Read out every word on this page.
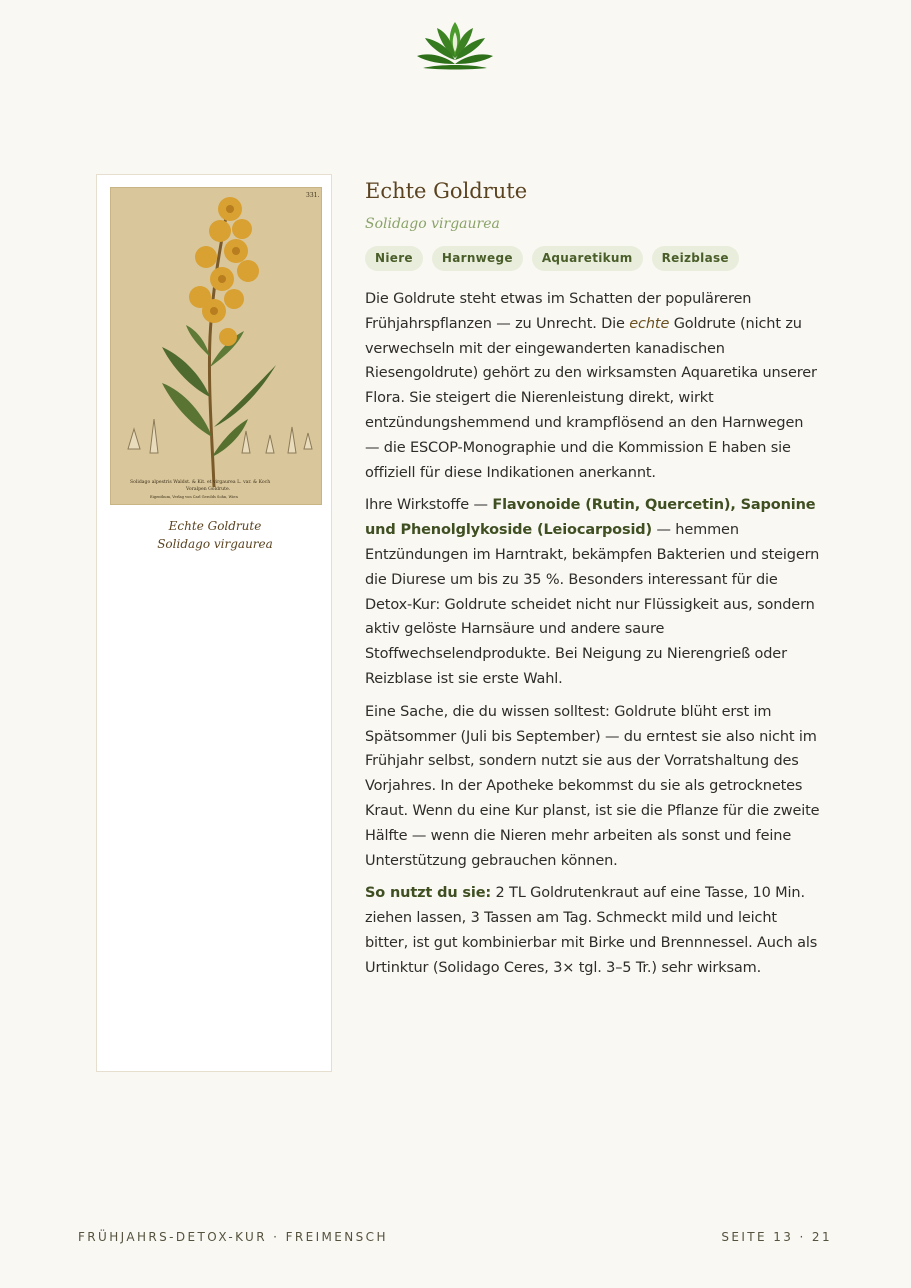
331.
Solidago alpestris Waldst. & Kit. et virgaurea L. var. & Koch
Voralpen Goldrute.
Eigenthum, Verlag von Carl Gerolds Sohn, Wien
Echte Goldrute
Solidago virgaurea
Echte Goldrute
Solidago virgaurea
Niere	Harnwege	Aquaretikum	Reizblase

Die Goldrute steht etwas im Schatten der populäreren Frühjahrspflanzen — zu Unrecht. Die echte Goldrute (nicht zu verwechseln mit der eingewanderten kanadischen Riesengoldrute) gehört zu den wirksamsten Aquaretika unserer Flora. Sie steigert die Nierenleistung direkt, wirkt entzündungshemmend und krampflösend an den Harnwegen — die ESCOP-Monographie und die Kommission E haben sie offiziell für diese Indikationen anerkannt.

Ihre Wirkstoffe — Flavonoide (Rutin, Quercetin), Saponine und Phenolglykoside (Leiocarposid) — hemmen Entzündungen im Harntrakt, bekämpfen Bakterien und steigern die Diurese um bis zu 35 %. Besonders interessant für die Detox-Kur: Goldrute scheidet nicht nur Flüssigkeit aus, sondern aktiv gelöste Harnsäure und andere saure Stoffwechselendprodukte. Bei Neigung zu Nierengrieß oder Reizblase ist sie erste Wahl.

Eine Sache, die du wissen solltest: Goldrute blüht erst im Spätsommer (Juli bis September) — du erntest sie also nicht im Frühjahr selbst, sondern nutzt sie aus der Vorratshaltung des Vorjahres. In der Apotheke bekommst du sie als getrocknetes Kraut. Wenn du eine Kur planst, ist sie die Pflanze für die zweite Hälfte — wenn die Nieren mehr arbeiten als sonst und feine Unterstützung gebrauchen können.

So nutzt du sie: 2 TL Goldrutenkraut auf eine Tasse, 10 Min. ziehen lassen, 3 Tassen am Tag. Schmeckt mild und leicht bitter, ist gut kombinierbar mit Birke und Brennnessel. Auch als Urtinktur (Solidago Ceres, 3× tgl. 3–5 Tr.) sehr wirksam.

FRÜHJAHRS-DETOX-KUR · FREIMENSCH	SEITE 13 · 21
